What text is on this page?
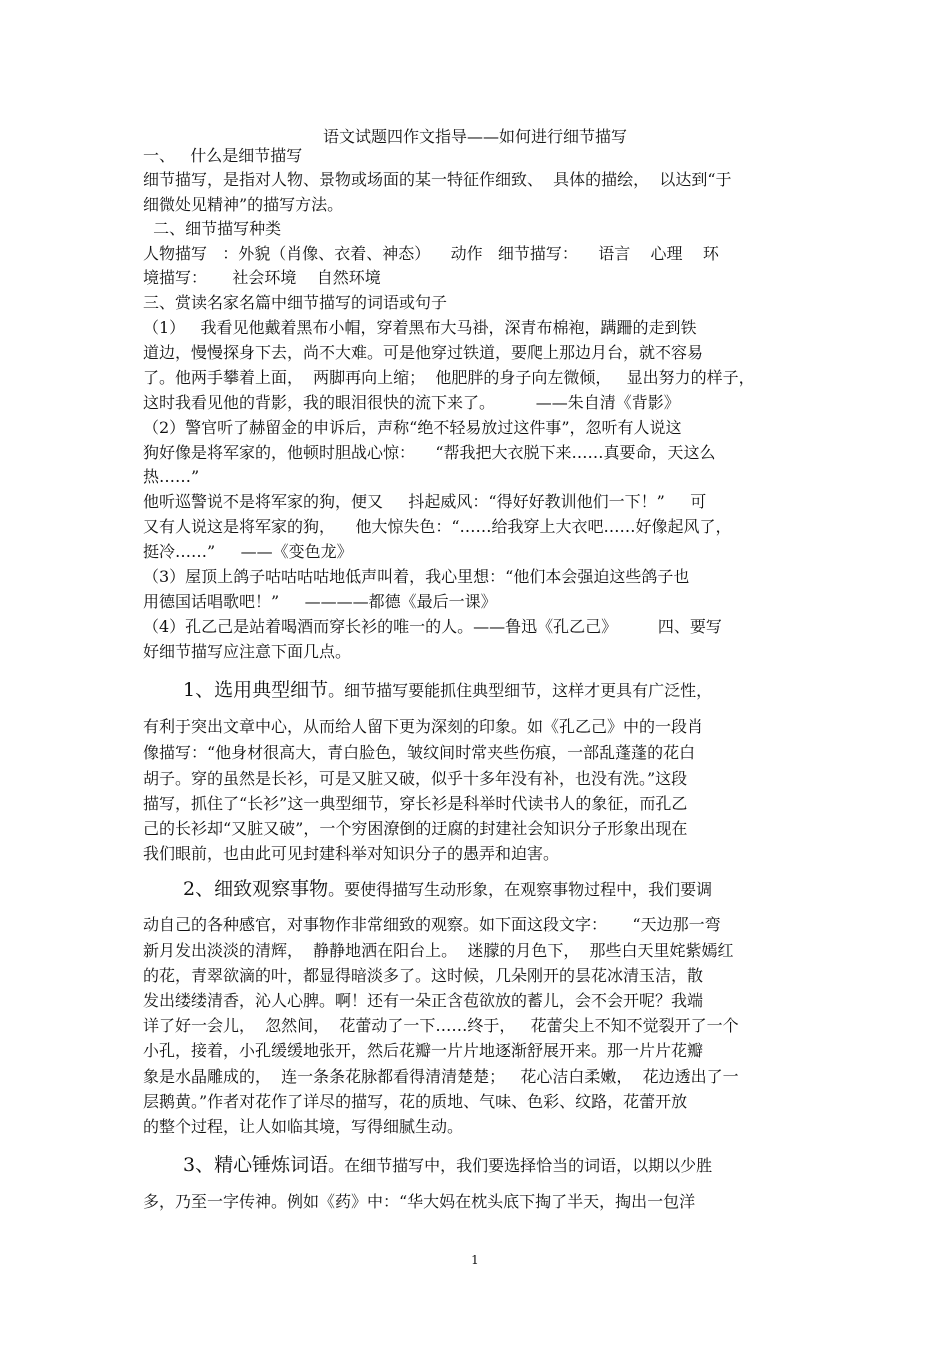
语文试题四作文指导——如何进行细节描写
一、   什么是细节描写
细节描写，是指对人物、景物或场面的某一特征作细致、  具体的描绘，  以达到“于
细微处见精神”的描写方法。
二、细节描写种类
人物描写   ：外貌（肖像、衣着、神态）    动作   细节描写：    语言    心理    环
境描写：     社会环境    自然环境
三、赏读名家名篇中细节描写的词语或句子
（1）   我看见他戴着黑布小帽，穿着黑布大马褂，深青布棉袍，蹒跚的走到铁
道边，慢慢探身下去，尚不大难。可是他穿过铁道，要爬上那边月台，就不容易
了。他两手攀着上面，  两脚再向上缩；  他肥胖的身子向左微倾，   显出努力的样子，
这时我看见他的背影，我的眼泪很快的流下来了。        ——朱自清《背影》
（2）警官听了赫留金的申诉后，声称“绝不轻易放过这件事”，忽听有人说这
狗好像是将军家的，他顿时胆战心惊：    “帮我把大衣脱下来……真要命，天这么
热……”
他听巡警说不是将军家的狗，便又     抖起威风：“得好好教训他们一下！”     可
又有人说这是将军家的狗，    他大惊失色：“……给我穿上大衣吧……好像起风了，
挺冷……”     ——《变色龙》
（3）屋顶上鸽子咕咕咕咕地低声叫着，我心里想：“他们本会强迫这些鸽子也
用德国话唱歌吧！”     ————都德《最后一课》
（4）孔乙己是站着喝酒而穿长衫的唯一的人。——鲁迅《孔乙己》        四、要写
好细节描写应注意下面几点。
1、选用典型细节。细节描写要能抓住典型细节，这样才更具有广泛性，
有利于突出文章中心，从而给人留下更为深刻的印象。如《孔乙己》中的一段肖
像描写：“他身材很高大，青白脸色，皱纹间时常夹些伤痕，一部乱蓬蓬的花白
胡子。穿的虽然是长衫，可是又脏又破，似乎十多年没有补，也没有洗。”这段
描写，抓住了“长衫”这一典型细节，穿长衫是科举时代读书人的象征，而孔乙
己的长衫却“又脏又破”，一个穷困潦倒的迂腐的封建社会知识分子形象出现在
我们眼前，也由此可见封建科举对知识分子的愚弄和迫害。
2、细致观察事物。要使得描写生动形象，在观察事物过程中，我们要调
动自己的各种感官，对事物作非常细致的观察。如下面这段文字：     “天边那一弯
新月发出淡淡的清辉，  静静地洒在阳台上。  迷朦的月色下，  那些白天里姹紫嫣红
的花，青翠欲滴的叶，都显得暗淡多了。这时候，几朵刚开的昙花冰清玉洁，散
发出缕缕清香，沁人心脾。啊！还有一朵正含苞欲放的蓄儿，会不会开呢？我端
详了好一会儿，  忽然间，  花蕾动了一下……终于，   花蕾尖上不知不觉裂开了一个
小孔，接着，小孔缓缓地张开，然后花瓣一片片地逐渐舒展开来。那一片片花瓣
象是水晶雕成的，  连一条条花脉都看得清清楚楚；   花心洁白柔嫩，  花边透出了一
层鹅黄。”作者对花作了详尽的描写，花的质地、气味、色彩、纹路，花蕾开放
的整个过程，让人如临其境，写得细腻生动。
3、精心锤炼词语。在细节描写中，我们要选择恰当的词语，以期以少胜
多，乃至一字传神。例如《药》中：“华大妈在枕头底下掏了半天，掏出一包洋
1
